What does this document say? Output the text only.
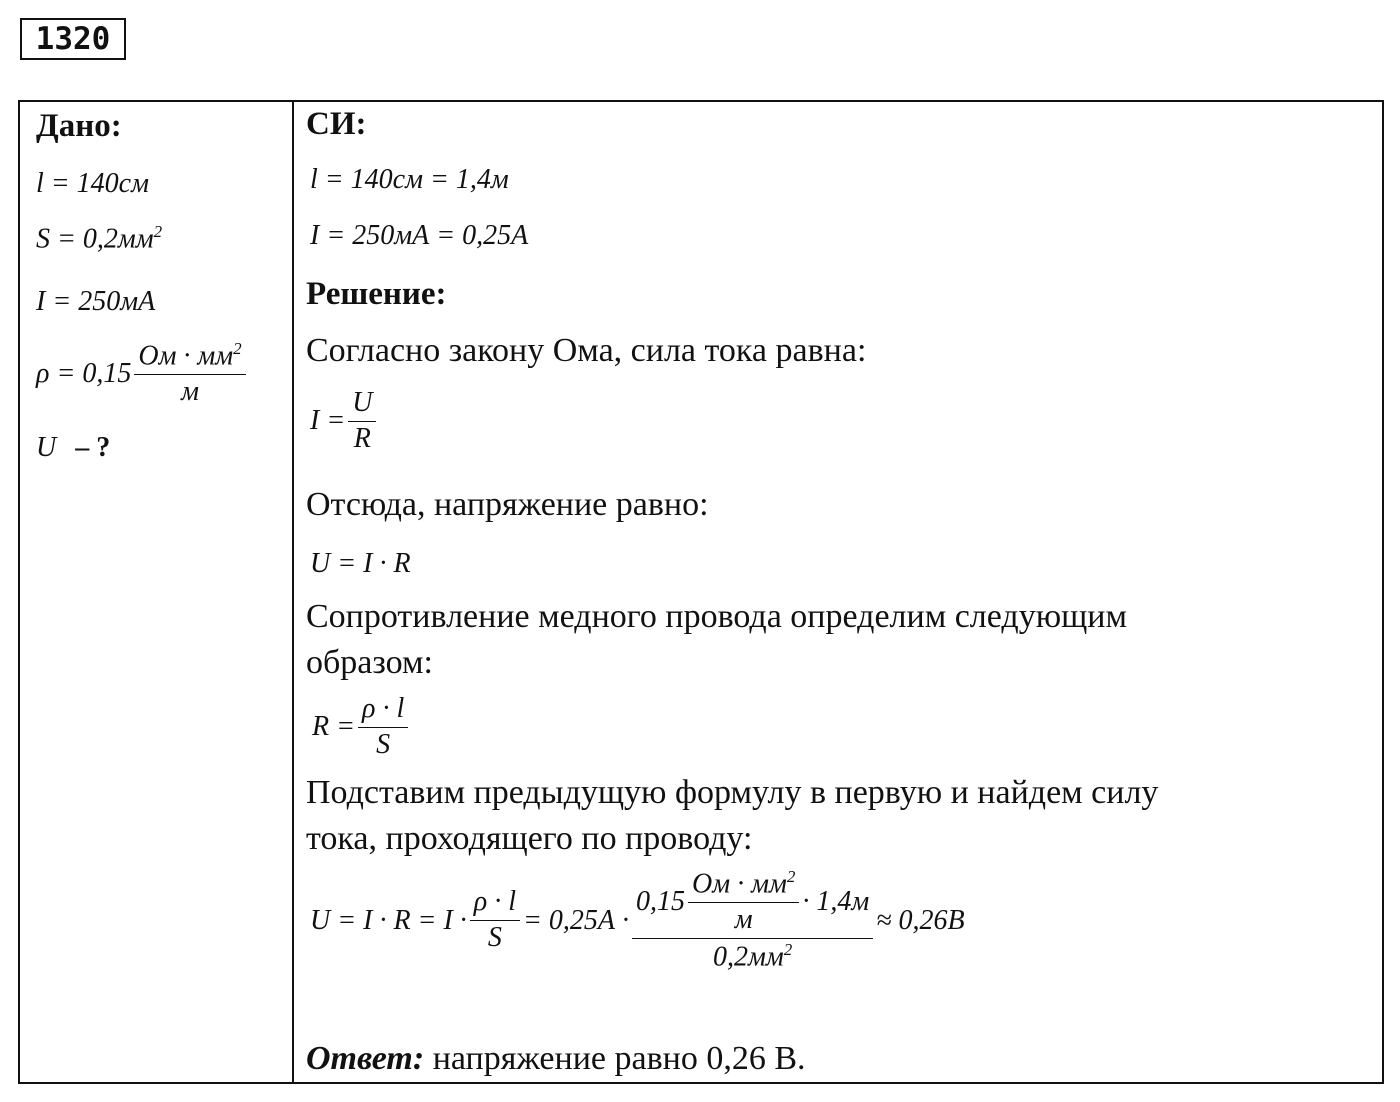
1320
Дано:
l = 140см
$S = 0,2мм^2$
I = 250мА
$\rho = 0,15 \frac{Ом \cdot мм^2}{м}$
U – ?
СИ:
l = 140см = 1,4м
I = 250мА = 0,25А
Решение:
Согласно закону Ома, сила тока равна:
$I = \frac{U}{R}$
Отсюда, напряжение равно:
U = I · R
Сопротивление медного провода определим следующим
образом:
$R = \frac{\rho \cdot l}{S}$
Подставим предыдущую формулу в первую и найдем силу
тока, проходящего по проводу:
$U = I \cdot R = I \cdot \frac{\rho \cdot l}{S} = 0,25А$ ·
$0,15 \frac{Ом \cdot мм^2}{м} \cdot 1,4м$
$0,2мм^2$
≈ 0,26В
Ответ: напряжение равно 0,26 В.
